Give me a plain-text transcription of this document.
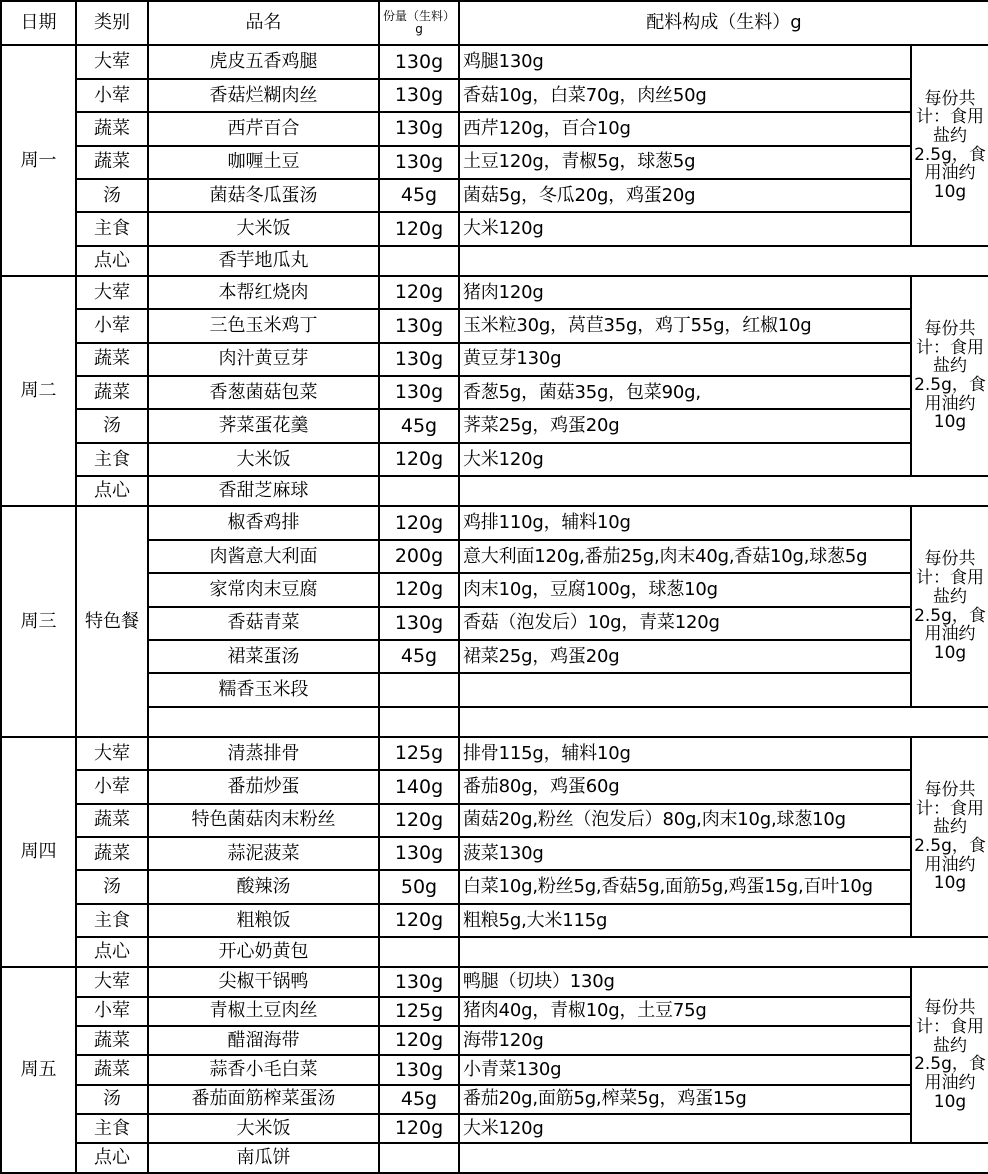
日期	类别	品名	份量（生料）g	配料构成（生料）g	
周一	大荤	虎皮五香鸡腿	130g	鸡腿130g	每份共计：食用盐约2.5g，食用油约10g
	小荤	香菇烂糊肉丝	130g	香菇10g，白菜70g，肉丝50g	
	蔬菜	西芹百合	130g	西芹120g，百合10g	
	蔬菜	咖喱土豆	130g	土豆120g，青椒5g，球葱5g	
	汤	菌菇冬瓜蛋汤	45g	菌菇5g，冬瓜20g，鸡蛋20g	
	主食	大米饭	120g	大米120g	
	点心	香芋地瓜丸			
周二	大荤	本帮红烧肉	120g	猪肉120g	每份共计：食用盐约2.5g，食用油约10g
	小荤	三色玉米鸡丁	130g	玉米粒30g，莴苣35g，鸡丁55g，红椒10g	
	蔬菜	肉汁黄豆芽	130g	黄豆芽130g	
	蔬菜	香葱菌菇包菜	130g	香葱5g，菌菇35g，包菜90g,	
	汤	荠菜蛋花羹	45g	荠菜25g，鸡蛋20g	
	主食	大米饭	120g	大米120g	
	点心	香甜芝麻球			
周三	特色餐	椒香鸡排	120g	鸡排110g，辅料10g	每份共计：食用盐约2.5g，食用油约10g
		肉酱意大利面	200g	意大利面120g,番茄25g,肉末40g,香菇10g,球葱5g	
		家常肉末豆腐	120g	肉末10g，豆腐100g，球葱10g	
		香菇青菜	130g	香菇（泡发后）10g，青菜120g	
		裙菜蛋汤	45g	裙菜25g，鸡蛋20g	
		糯香玉米段			

周四	大荤	清蒸排骨	125g	排骨115g，辅料10g	每份共计：食用盐约2.5g，食用油约10g
	小荤	番茄炒蛋	140g	番茄80g，鸡蛋60g	
	蔬菜	特色菌菇肉末粉丝	120g	菌菇20g,粉丝（泡发后）80g,肉末10g,球葱10g	
	蔬菜	蒜泥菠菜	130g	菠菜130g	
	汤	酸辣汤	50g	白菜10g,粉丝5g,香菇5g,面筋5g,鸡蛋15g,百叶10g	
	主食	粗粮饭	120g	粗粮5g,大米115g	
	点心	开心奶黄包			
周五	大荤	尖椒干锅鸭	130g	鸭腿（切块）130g	每份共计：食用盐约2.5g，食用油约10g
	小荤	青椒土豆肉丝	125g	猪肉40g，青椒10g，土豆75g	
	蔬菜	醋溜海带	120g	海带120g	
	蔬菜	蒜香小毛白菜	130g	小青菜130g	
	汤	番茄面筋榨菜蛋汤	45g	番茄20g,面筋5g,榨菜5g，鸡蛋15g	
	主食	大米饭	120g	大米120g	
	点心	南瓜饼			
